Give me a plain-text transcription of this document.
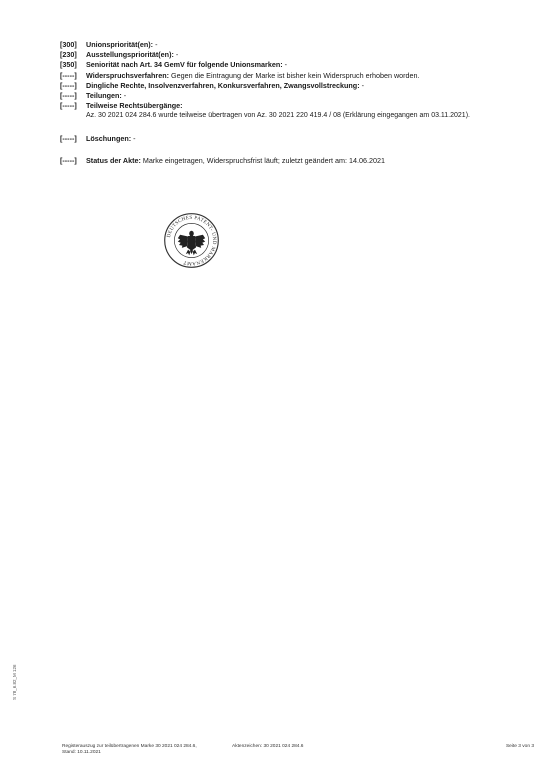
[300]	Unionspriorität(en): -
[230]	Ausstellungspriorität(en): -
[350]	Seniorität nach Art. 34 GemV für folgende Unionsmarken: -
[-----]	Widerspruchsverfahren: Gegen die Eintragung der Marke ist bisher kein Widerspruch erhoben worden.
[-----]	Dingliche Rechte, Insolvenzverfahren, Konkursverfahren, Zwangsvollstreckung: -
[-----]	Teilungen: -
[-----]	Teilweise Rechtsübergänge:
Az. 30 2021 024 284.6 wurde teilweise übertragen von Az. 30 2021 220 419.4 / 08 (Erklärung eingegangen am 03.11.2021).
[-----]	Löschungen: -
[-----]	Status der Akte: Marke eingetragen, Widerspruchsfrist läuft; zuletzt geändert am: 14.06.2021
DEUTSCHES PATENT- UND MARKENAMT
S 78_6.82_M 126
Registerauszug zur teilübertragenen Marke 30 2021 024 284.6,
Stand: 10.11.2021
Aktenzeichen: 30 2021 024 284.6	Seite 3 von 3
